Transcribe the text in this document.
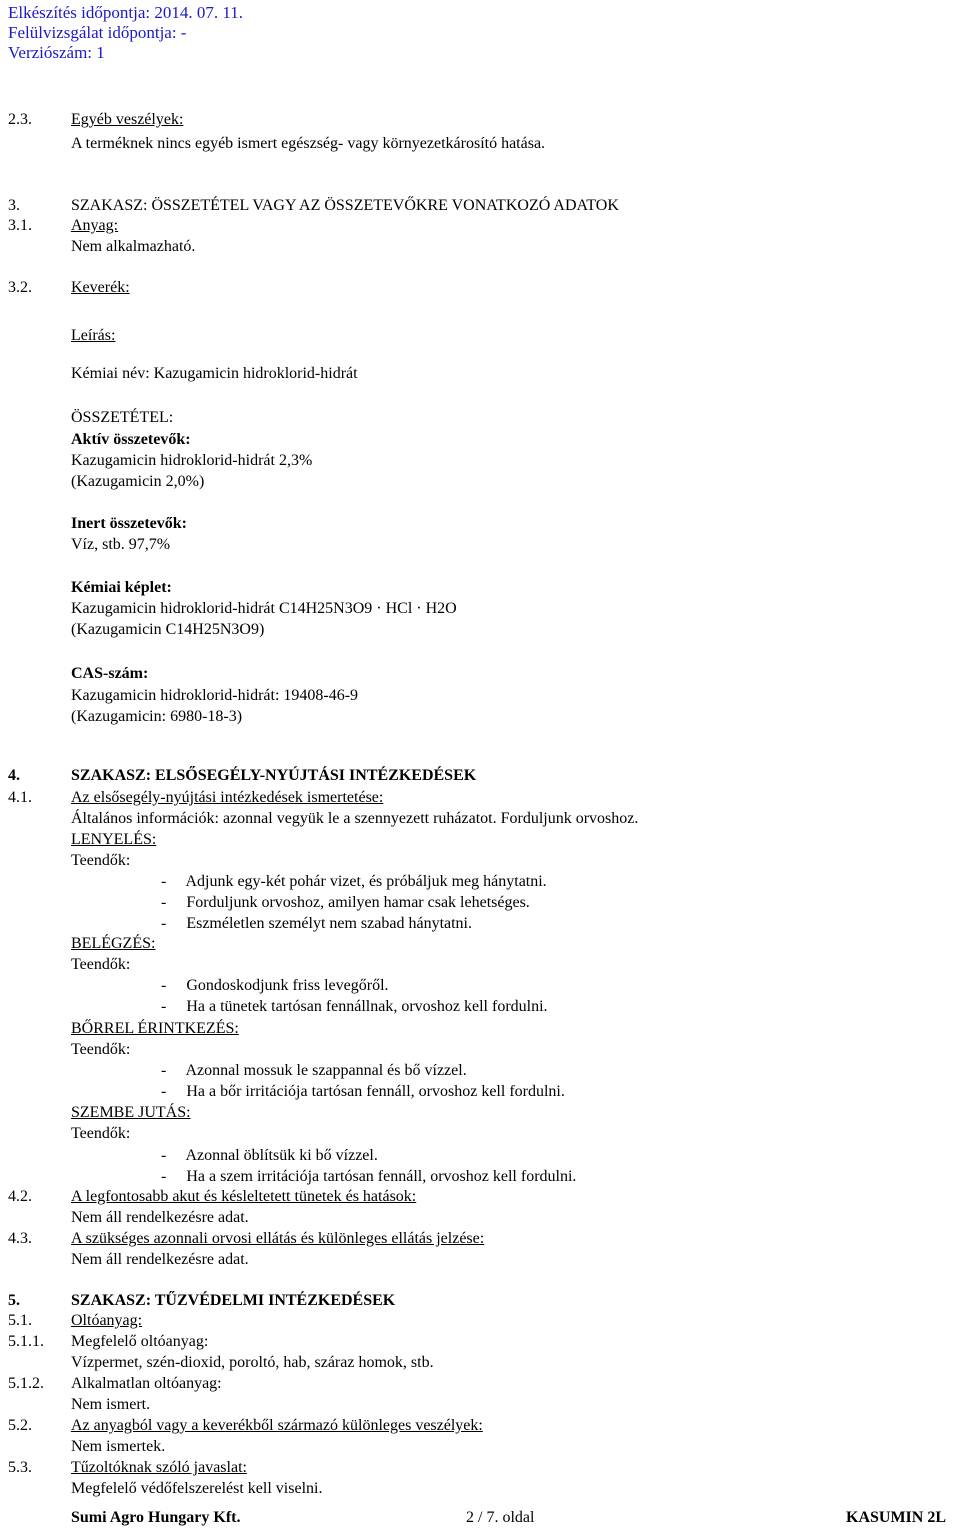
Elkészítés időpontja: 2014. 07. 11.
Felülvizsgálat időpontja: -
Verziószám: 1
2.3. Egyéb veszélyek:
A terméknek nincs egyéb ismert egészség- vagy környezetkárosító hatása.
3.	SZAKASZ: ÖSSZETÉTEL VAGY AZ ÖSSZETEVŐKRE VONATKOZÓ ADATOK
3.1. Anyag:
Nem alkalmazható.
3.2. Keverék:
Leírás:
Kémiai név: Kazugamicin hidroklorid-hidrát
ÖSSZETÉTEL:
Aktív összetevők:
Kazugamicin hidroklorid-hidrát 2,3%
(Kazugamicin 2,0%)
Inert összetevők:
Víz, stb. 97,7%
Kémiai képlet:
Kazugamicin hidroklorid-hidrát C14H25N3O9 · HCl · H2O
(Kazugamicin C14H25N3O9)
CAS-szám:
Kazugamicin hidroklorid-hidrát: 19408-46-9
(Kazugamicin: 6980-18-3)
4.	SZAKASZ: ELSŐSEGÉLY-NYÚJTÁSI INTÉZKEDÉSEK
4.1. Az elsősegély-nyújtási intézkedések ismertetése:
Általános információk: azonnal vegyük le a szennyezett ruházatot. Forduljunk orvoshoz.
LENYELÉS:
Teendők:
-     Adjunk egy-két pohár vizet, és próbáljuk meg hánytatni.
-     Forduljunk orvoshoz, amilyen hamar csak lehetséges.
-     Eszméletlen személyt nem szabad hánytatni.
BELÉGZÉS:
Teendők:
-     Gondoskodjunk friss levegőről.
-     Ha a tünetek tartósan fennállnak, orvoshoz kell fordulni.
BŐRREL ÉRINTKEZÉS:
Teendők:
-     Azonnal mossuk le szappannal és bő vízzel.
-     Ha a bőr irritációja tartósan fennáll, orvoshoz kell fordulni.
SZEMBE JUTÁS:
Teendők:
-     Azonnal öblítsük ki bő vízzel.
-     Ha a szem irritációja tartósan fennáll, orvoshoz kell fordulni.
4.2. A legfontosabb akut és késleltetett tünetek és hatások:
Nem áll rendelkezésre adat.
4.3. A szükséges azonnali orvosi ellátás és különleges ellátás jelzése:
Nem áll rendelkezésre adat.
5.	SZAKASZ: TŰZVÉDELMI INTÉZKEDÉSEK
5.1. Oltóanyag:
5.1.1. Megfelelő oltóanyag:
Vízpermet, szén-dioxid, poroltó, hab, száraz homok, stb.
5.1.2. Alkalmatlan oltóanyag:
Nem ismert.
5.2. Az anyagból vagy a keverékből származó különleges veszélyek:
Nem ismertek.
5.3. Tűzoltóknak szóló javaslat:
Megfelelő védőfelszerelést kell viselni.
Sumi Agro Hungary Kft.	2 / 7. oldal	KASUMIN 2L
